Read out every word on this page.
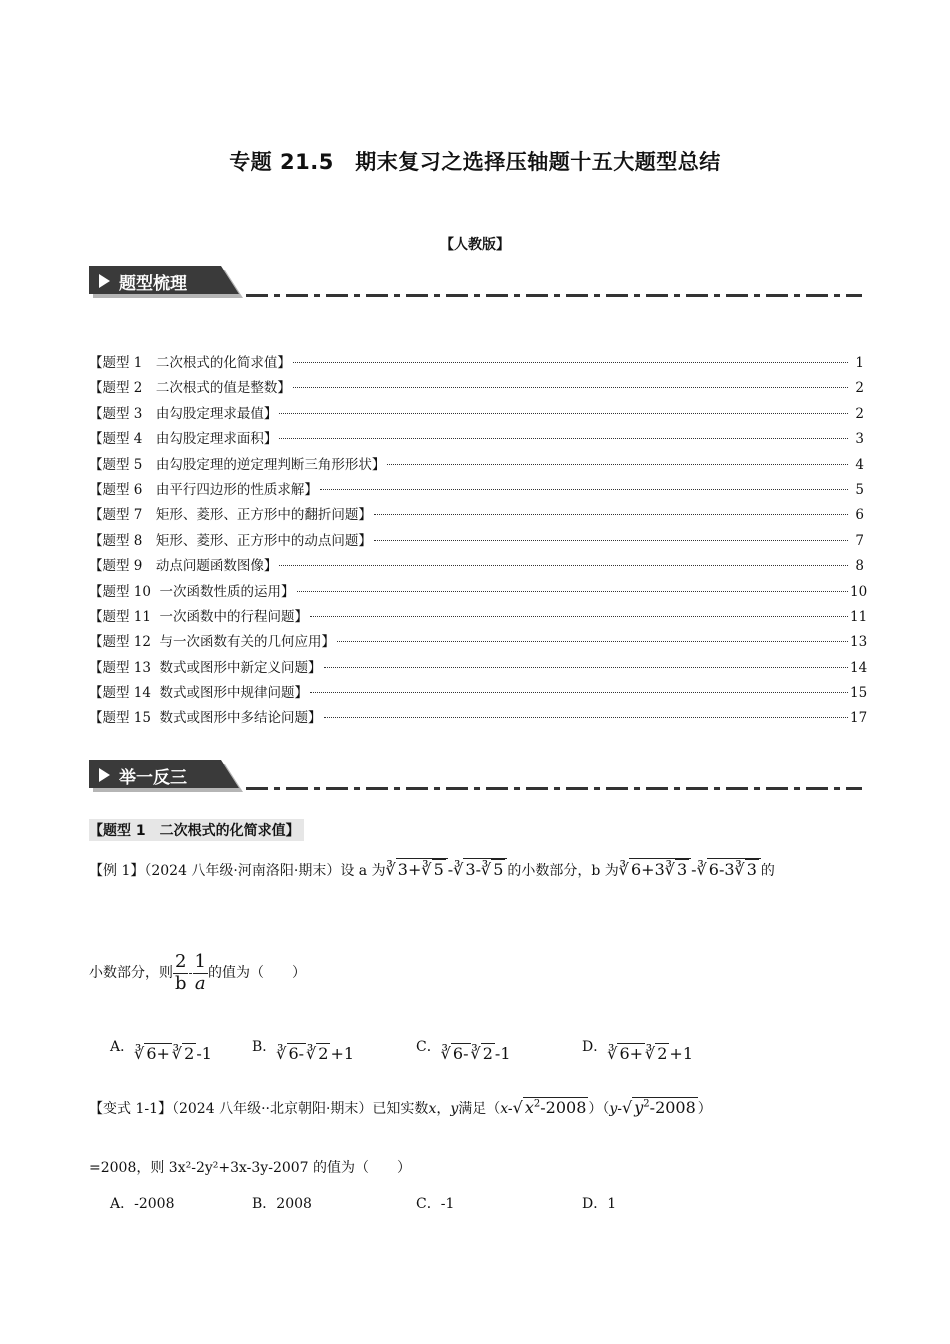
专题 21.5　期末复习之选择压轴题十五大题型总结
【人教版】
题型梳理
【题型 1　二次根式的化简求值】	1
【题型 2　二次根式的值是整数】	2
【题型 3　由勾股定理求最值】	2
【题型 4　由勾股定理求面积】	3
【题型 5　由勾股定理的逆定理判断三角形形状】	4
【题型 6　由平行四边形的性质求解】	5
【题型 7　矩形、菱形、正方形中的翻折问题】	6
【题型 8　矩形、菱形、正方形中的动点问题】	7
【题型 9　动点问题函数图像】	8
【题型 10  一次函数性质的运用】	10
【题型 11  一次函数中的行程问题】	11
【题型 12  与一次函数有关的几何应用】	13
【题型 13  数式或图形中新定义问题】	14
【题型 14  数式或图形中规律问题】	15
【题型 15  数式或图形中多结论问题】	17
举一反三
【题型 1　二次根式的化简求值】
【例 1】（2024 八年级·河南洛阳·期末）设 a 为∛ 3+∛ 5 -∛ 3-∛ 5 的小数部分，b 为∛ 6+3∛ 3 -∛ 6-3∛ 3 的
小数部分，则 $\frac{2}{b} - \frac{1}{a}$ 的值为（　　）
A．∛ 6+ ∛ 2 -1	B．∛ 6- ∛ 2 +1	C．∛ 6- ∛ 2 -1	D．∛ 6+ ∛ 2 +1
【变式 1-1】（2024 八年级··北京朝阳·期末）已知实数x，y满足（x-√ $x^2-2008$ ）（y-√ $y^2-2008$ ）
=2008，则 3x²-2y²+3x-3y-2007 的值为（　　）
A．-2008	B．2008	C．-1	D．1
